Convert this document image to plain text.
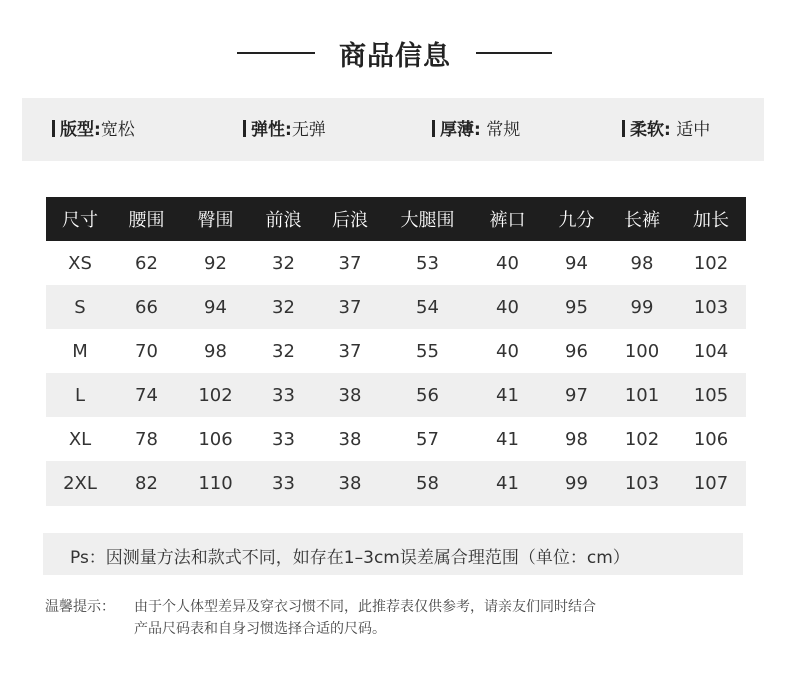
商品信息
版型:宽松	弹性:无弹	厚薄: 常规	柔软: 适中
尺寸	腰围	臀围	前浪	后浪	大腿围	裤口	九分	长裤	加长
XS	62	92	32	37	53	40	94	98	102
S	66	94	32	37	54	40	95	99	103
M	70	98	32	37	55	40	96	100	104
L	74	102	33	38	56	41	97	101	105
XL	78	106	33	38	57	41	98	102	106
2XL	82	110	33	38	58	41	99	103	107
Ps：因测量方法和款式不同，如存在1–3cm误差属合理范围（单位：cm）
温馨提示： 由于个人体型差异及穿衣习惯不同，此推荐表仅供参考，请亲友们同时结合
产品尺码表和自身习惯选择合适的尺码。
